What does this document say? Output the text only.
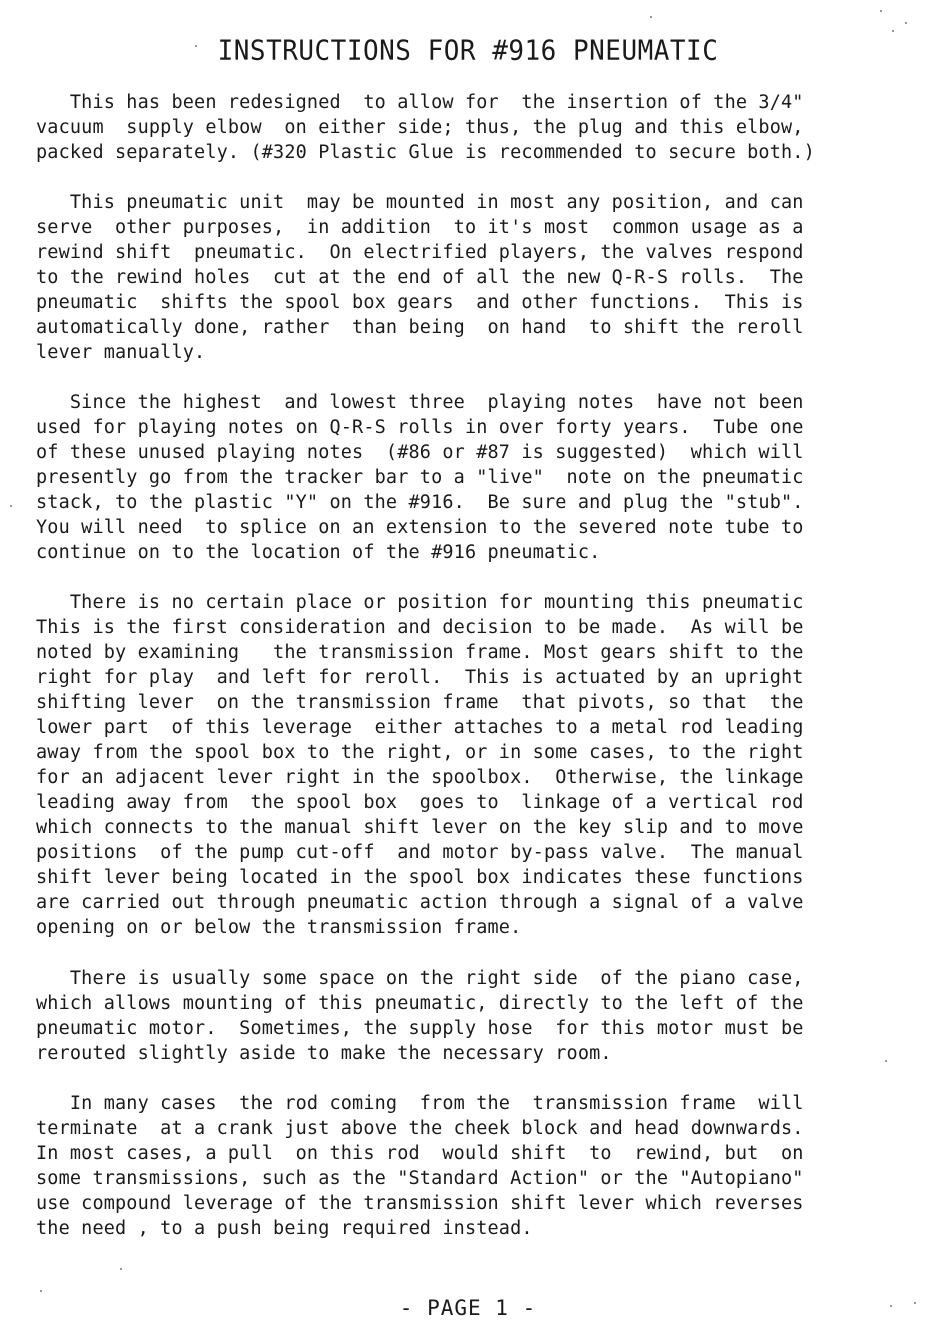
INSTRUCTIONS FOR #916 PNEUMATIC
This has been redesigned  to allow for  the insertion of the 3/4"
vacuum  supply elbow  on either side; thus, the plug and this elbow,
packed separately. (#320 Plastic Glue is recommended to secure both.)
This pneumatic unit  may be mounted in most any position, and can
serve  other purposes,  in addition  to it's most  common usage as a
rewind shift  pneumatic.  On electrified players, the valves respond
to the rewind holes  cut at the end of all the new Q-R-S rolls.  The
pneumatic  shifts the spool box gears  and other functions.  This is
automatically done, rather  than being  on hand  to shift the reroll
lever manually.
Since the highest  and lowest three  playing notes  have not been
used for playing notes on Q-R-S rolls in over forty years.  Tube one
of these unused playing notes  (#86 or #87 is suggested)  which will
presently go from the tracker bar to a "live"  note on the pneumatic
stack, to the plastic "Y" on the #916.  Be sure and plug the "stub".
You will need  to splice on an extension to the severed note tube to
continue on to the location of the #916 pneumatic.
There is no certain place or position for mounting this pneumatic
This is the first consideration and decision to be made.  As will be
noted by examining   the transmission frame. Most gears shift to the
right for play  and left for reroll.  This is actuated by an upright
shifting lever  on the transmission frame  that pivots, so that  the
lower part  of this leverage  either attaches to a metal rod leading
away from the spool box to the right, or in some cases, to the right
for an adjacent lever right in the spoolbox.  Otherwise, the linkage
leading away from  the spool box  goes to  linkage of a vertical rod
which connects to the manual shift lever on the key slip and to move
positions  of the pump cut-off  and motor by-pass valve.  The manual
shift lever being located in the spool box indicates these functions
are carried out through pneumatic action through a signal of a valve
opening on or below the transmission frame.
There is usually some space on the right side  of the piano case,
which allows mounting of this pneumatic, directly to the left of the
pneumatic motor.  Sometimes, the supply hose  for this motor must be
rerouted slightly aside to make the necessary room.
In many cases  the rod coming  from the  transmission frame  will
terminate  at a crank just above the cheek block and head downwards.
In most cases, a pull  on this rod  would shift  to  rewind, but  on
some transmissions, such as the "Standard Action" or the "Autopiano"
use compound leverage of the transmission shift lever which reverses
the need , to a push being required instead.
- PAGE 1 -
